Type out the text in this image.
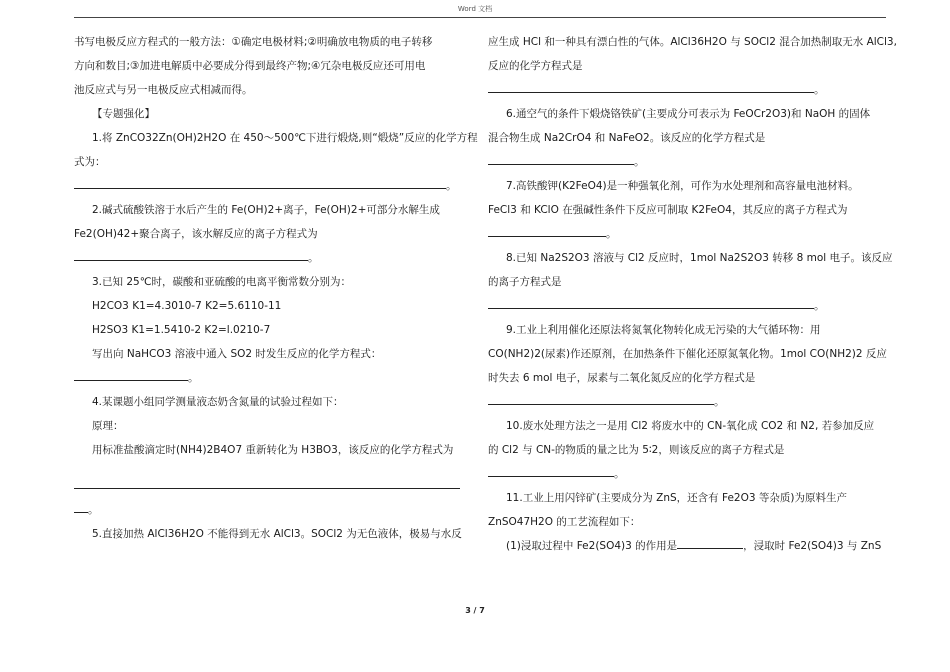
Word 文档

书写电极反应方程式的一般方法：①确定电极材料;②明确放电物质的电子转移

方向和数目;③加进电解质中必要成分得到最终产物;④冗杂电极反应还可用电

池反应式与另一电极反应式相减而得。

【专题强化】

1.将 ZnCO32Zn(OH)2H2O 在 450～500℃下进行煅烧,则“煅烧”反应的化学方程

式为：

。

2.碱式硫酸铁溶于水后产生的 Fe(OH)2+离子，Fe(OH)2+可部分水解生成

Fe2(OH)42+聚合离子，该水解反应的离子方程式为

。

3.已知 25℃时，碳酸和亚硫酸的电离平衡常数分别为：

H2CO3 K1=4.3010-7 K2=5.6110-11

H2SO3 K1=1.5410-2 K2=l.0210-7

写出向 NaHCO3 溶液中通入 SO2 时发生反应的化学方程式：

。

4.某课题小组同学测量液态奶含氮量的试验过程如下：

原理：

用标准盐酸滴定时(NH4)2B4O7 重新转化为 H3BO3，该反应的化学方程式为

。

5.直接加热 AlCl36H2O 不能得到无水 AlCl3。SOCl2 为无色液体，极易与水反

应生成 HCl 和一种具有漂白性的气体。AlCl36H2O 与 SOCl2 混合加热制取无水 AlCl3,

反应的化学方程式是

。

6.通空气的条件下煅烧铬铁矿(主要成分可表示为 FeOCr2O3)和 NaOH 的固体

混合物生成 Na2CrO4 和 NaFeO2。该反应的化学方程式是

。

7.高铁酸钾(K2FeO4)是一种强氧化剂，可作为水处理剂和高容量电池材料。

FeCl3 和 KClO 在强碱性条件下反应可制取 K2FeO4，其反应的离子方程式为

。

8.已知 Na2S2O3 溶液与 Cl2 反应时，1mol Na2S2O3 转移 8 mol 电子。该反应

的离子方程式是

。

9.工业上利用催化还原法将氮氧化物转化成无污染的大气循环物：用

CO(NH2)2(尿素)作还原剂，在加热条件下催化还原氮氧化物。1mol CO(NH2)2 反应

时失去 6 mol 电子，尿素与二氧化氮反应的化学方程式是

。

10.废水处理方法之一是用 Cl2 将废水中的 CN-氧化成 CO2 和 N2, 若参加反应

的 Cl2 与 CN-的物质的量之比为 5∶2，则该反应的离子方程式是

。

11.工业上用闪锌矿(主要成分为 ZnS，还含有 Fe2O3 等杂质)为原料生产

ZnSO47H2O 的工艺流程如下：

(1)浸取过程中 Fe2(SO4)3 的作用是	，浸取时 Fe2(SO4)3 与 ZnS

3 / 7
